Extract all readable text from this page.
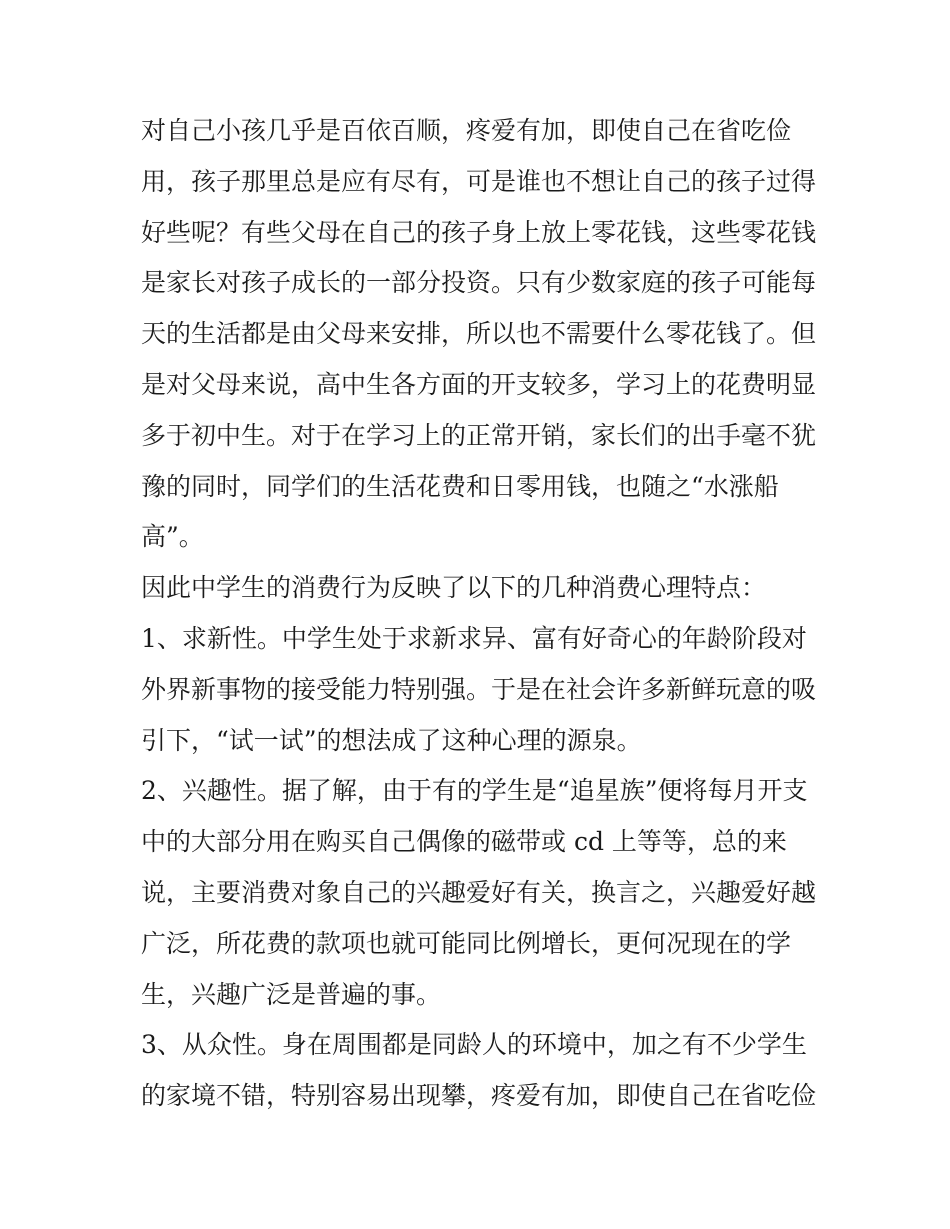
对自己小孩几乎是百依百顺，疼爱有加，即使自己在省吃俭
用，孩子那里总是应有尽有，可是谁也不想让自己的孩子过得
好些呢？有些父母在自己的孩子身上放上零花钱，这些零花钱
是家长对孩子成长的一部分投资。只有少数家庭的孩子可能每
天的生活都是由父母来安排，所以也不需要什么零花钱了。但
是对父母来说，高中生各方面的开支较多，学习上的花费明显
多于初中生。对于在学习上的正常开销，家长们的出手毫不犹
豫的同时，同学们的生活花费和日零用钱，也随之“水涨船
高”。
因此中学生的消费行为反映了以下的几种消费心理特点：
1、求新性。中学生处于求新求异、富有好奇心的年龄阶段对
外界新事物的接受能力特别强。于是在社会许多新鲜玩意的吸
引下，“试一试”的想法成了这种心理的源泉。
2、兴趣性。据了解，由于有的学生是“追星族”便将每月开支
中的大部分用在购买自己偶像的磁带或 cd 上等等，总的来
说，主要消费对象自己的兴趣爱好有关，换言之，兴趣爱好越
广泛，所花费的款项也就可能同比例增长，更何况现在的学
生，兴趣广泛是普遍的事。
3、从众性。身在周围都是同龄人的环境中，加之有不少学生
的家境不错，特别容易出现攀，疼爱有加，即使自己在省吃俭
